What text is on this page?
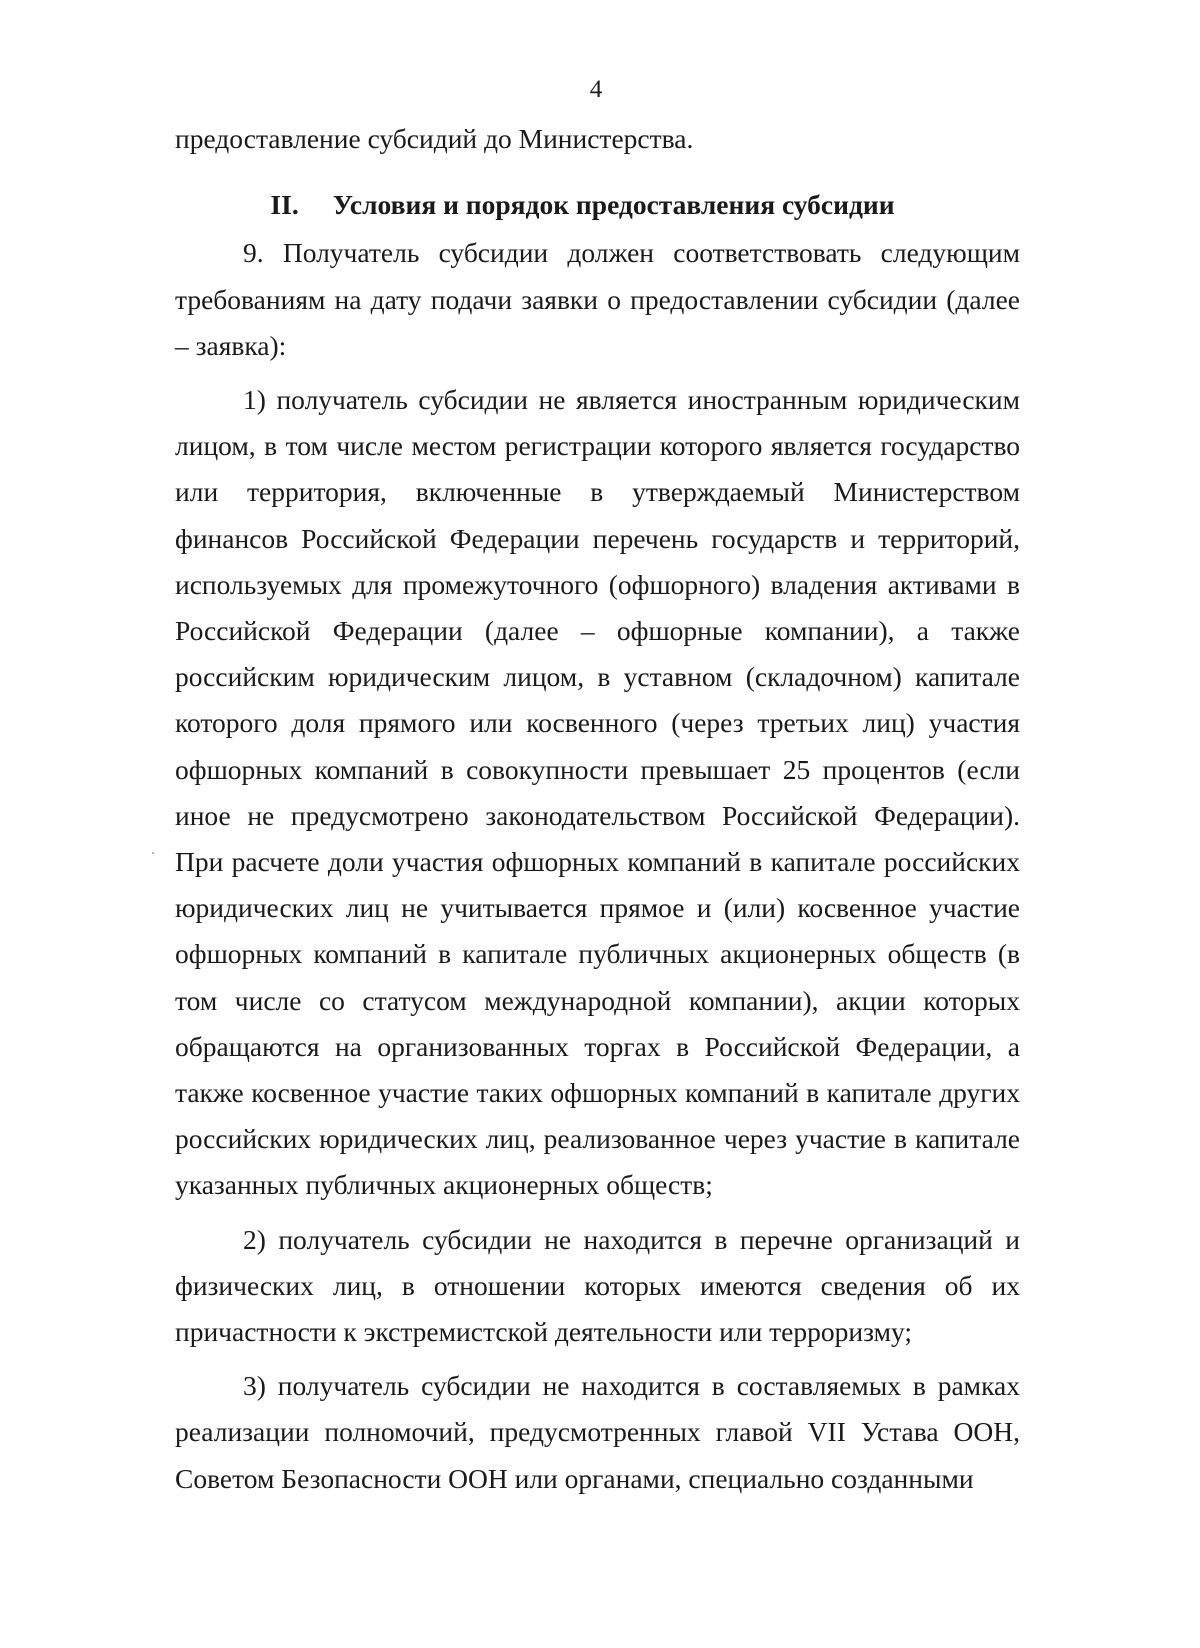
4

предоставление субсидий до Министерства.

II. Условия и порядок предоставления субсидии

9. Получатель субсидии должен соответствовать следующим требованиям на дату подачи заявки о предоставлении субсидии (далее – заявка):

1) получатель субсидии не является иностранным юридическим лицом, в том числе местом регистрации которого является государство или территория, включенные в утверждаемый Министерством финансов Российской Федерации перечень государств и территорий, используемых для промежуточного (офшорного) владения активами в Российской Федерации (далее – офшорные компании), а также российским юридическим лицом, в уставном (складочном) капитале которого доля прямого или косвенного (через третьих лиц) участия офшорных компаний в совокупности превышает 25 процентов (если иное не предусмотрено законодательством Российской Федерации). При расчете доли участия офшорных компаний в капитале российских юридических лиц не учитывается прямое и (или) косвенное участие офшорных компаний в капитале публичных акционерных обществ (в том числе со статусом международной компании), акции которых обращаются на организованных торгах в Российской Федерации, а также косвенное участие таких офшорных компаний в капитале других российских юридических лиц, реализованное через участие в капитале указанных публичных акционерных обществ;

2) получатель субсидии не находится в перечне организаций и физических лиц, в отношении которых имеются сведения об их причастности к экстремистской деятельности или терроризму;

3) получатель субсидии не находится в составляемых в рамках реализации полномочий, предусмотренных главой VII Устава ООН, Советом Безопасности ООН или органами, специально созданными
